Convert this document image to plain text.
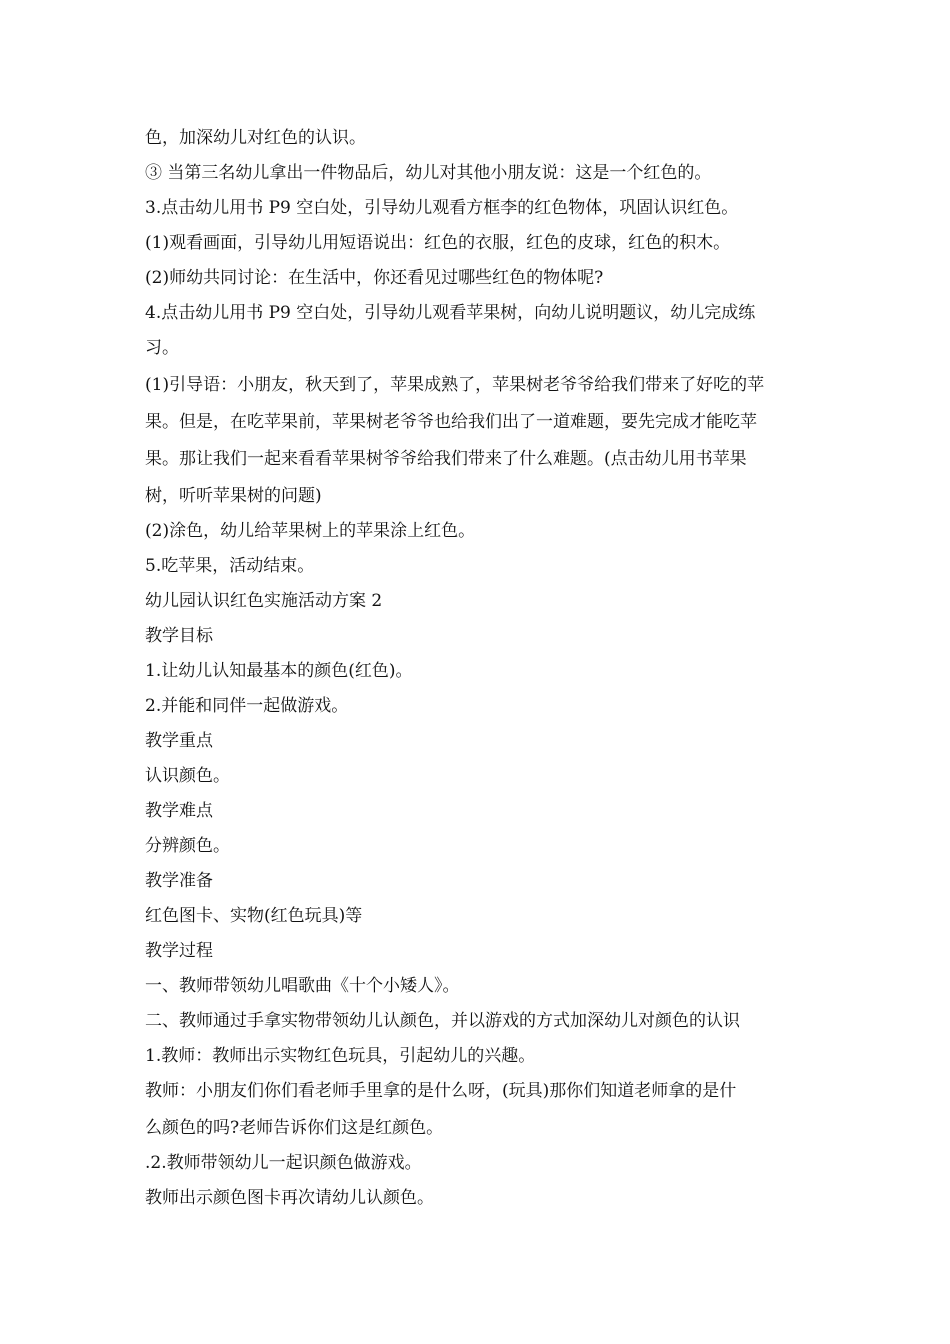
色，加深幼儿对红色的认识。
③ 当第三名幼儿拿出一件物品后，幼儿对其他小朋友说：这是一个红色的。
3.点击幼儿用书 P9 空白处，引导幼儿观看方框李的红色物体，巩固认识红色。
(1)观看画面，引导幼儿用短语说出：红色的衣服，红色的皮球，红色的积木。
(2)师幼共同讨论：在生活中，你还看见过哪些红色的物体呢?
4.点击幼儿用书 P9 空白处，引导幼儿观看苹果树，向幼儿说明题议，幼儿完成练
习。
(1)引导语：小朋友，秋天到了，苹果成熟了，苹果树老爷爷给我们带来了好吃的苹
果。但是，在吃苹果前，苹果树老爷爷也给我们出了一道难题，要先完成才能吃苹
果。那让我们一起来看看苹果树爷爷给我们带来了什么难题。(点击幼儿用书苹果
树，听听苹果树的问题)
(2)涂色，幼儿给苹果树上的苹果涂上红色。
5.吃苹果，活动结束。
幼儿园认识红色实施活动方案 2
教学目标
1.让幼儿认知最基本的颜色(红色)。
2.并能和同伴一起做游戏。
教学重点
认识颜色。
教学难点
分辨颜色。
教学准备
红色图卡、实物(红色玩具)等
教学过程
一、教师带领幼儿唱歌曲《十个小矮人》。
二、教师通过手拿实物带领幼儿认颜色，并以游戏的方式加深幼儿对颜色的认识
1.教师：教师出示实物红色玩具，引起幼儿的兴趣。
教师：小朋友们你们看老师手里拿的是什么呀，(玩具)那你们知道老师拿的是什
么颜色的吗?老师告诉你们这是红颜色。
.2.教师带领幼儿一起识颜色做游戏。
教师出示颜色图卡再次请幼儿认颜色。
